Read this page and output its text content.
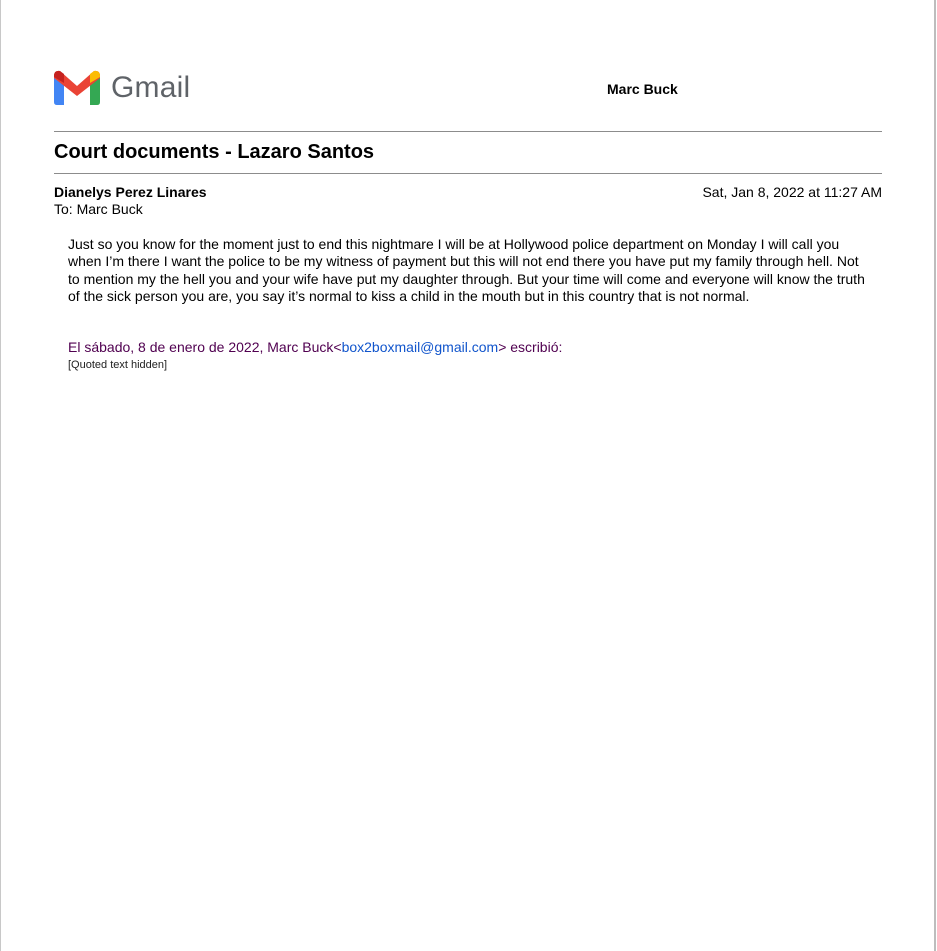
Gmail	Marc Buck
Court documents - Lazaro Santos
Dianelys Perez Linares
To: Marc Buck
Sat, Jan 8, 2022 at 11:27 AM
Just so you know for the moment just to end this nightmare I will be at Hollywood police department on Monday I will call you when I’m there I want the police to be my witness of payment but this will not end there you have put my family through hell. Not to mention my the hell you and your wife have put my daughter through. But your time will come and everyone will know the truth of the sick person you are, you say it’s normal to kiss a child in the mouth but in this country that is not normal.
El sábado, 8 de enero de 2022, Marc Buck<box2boxmail@gmail.com> escribió:
[Quoted text hidden]
